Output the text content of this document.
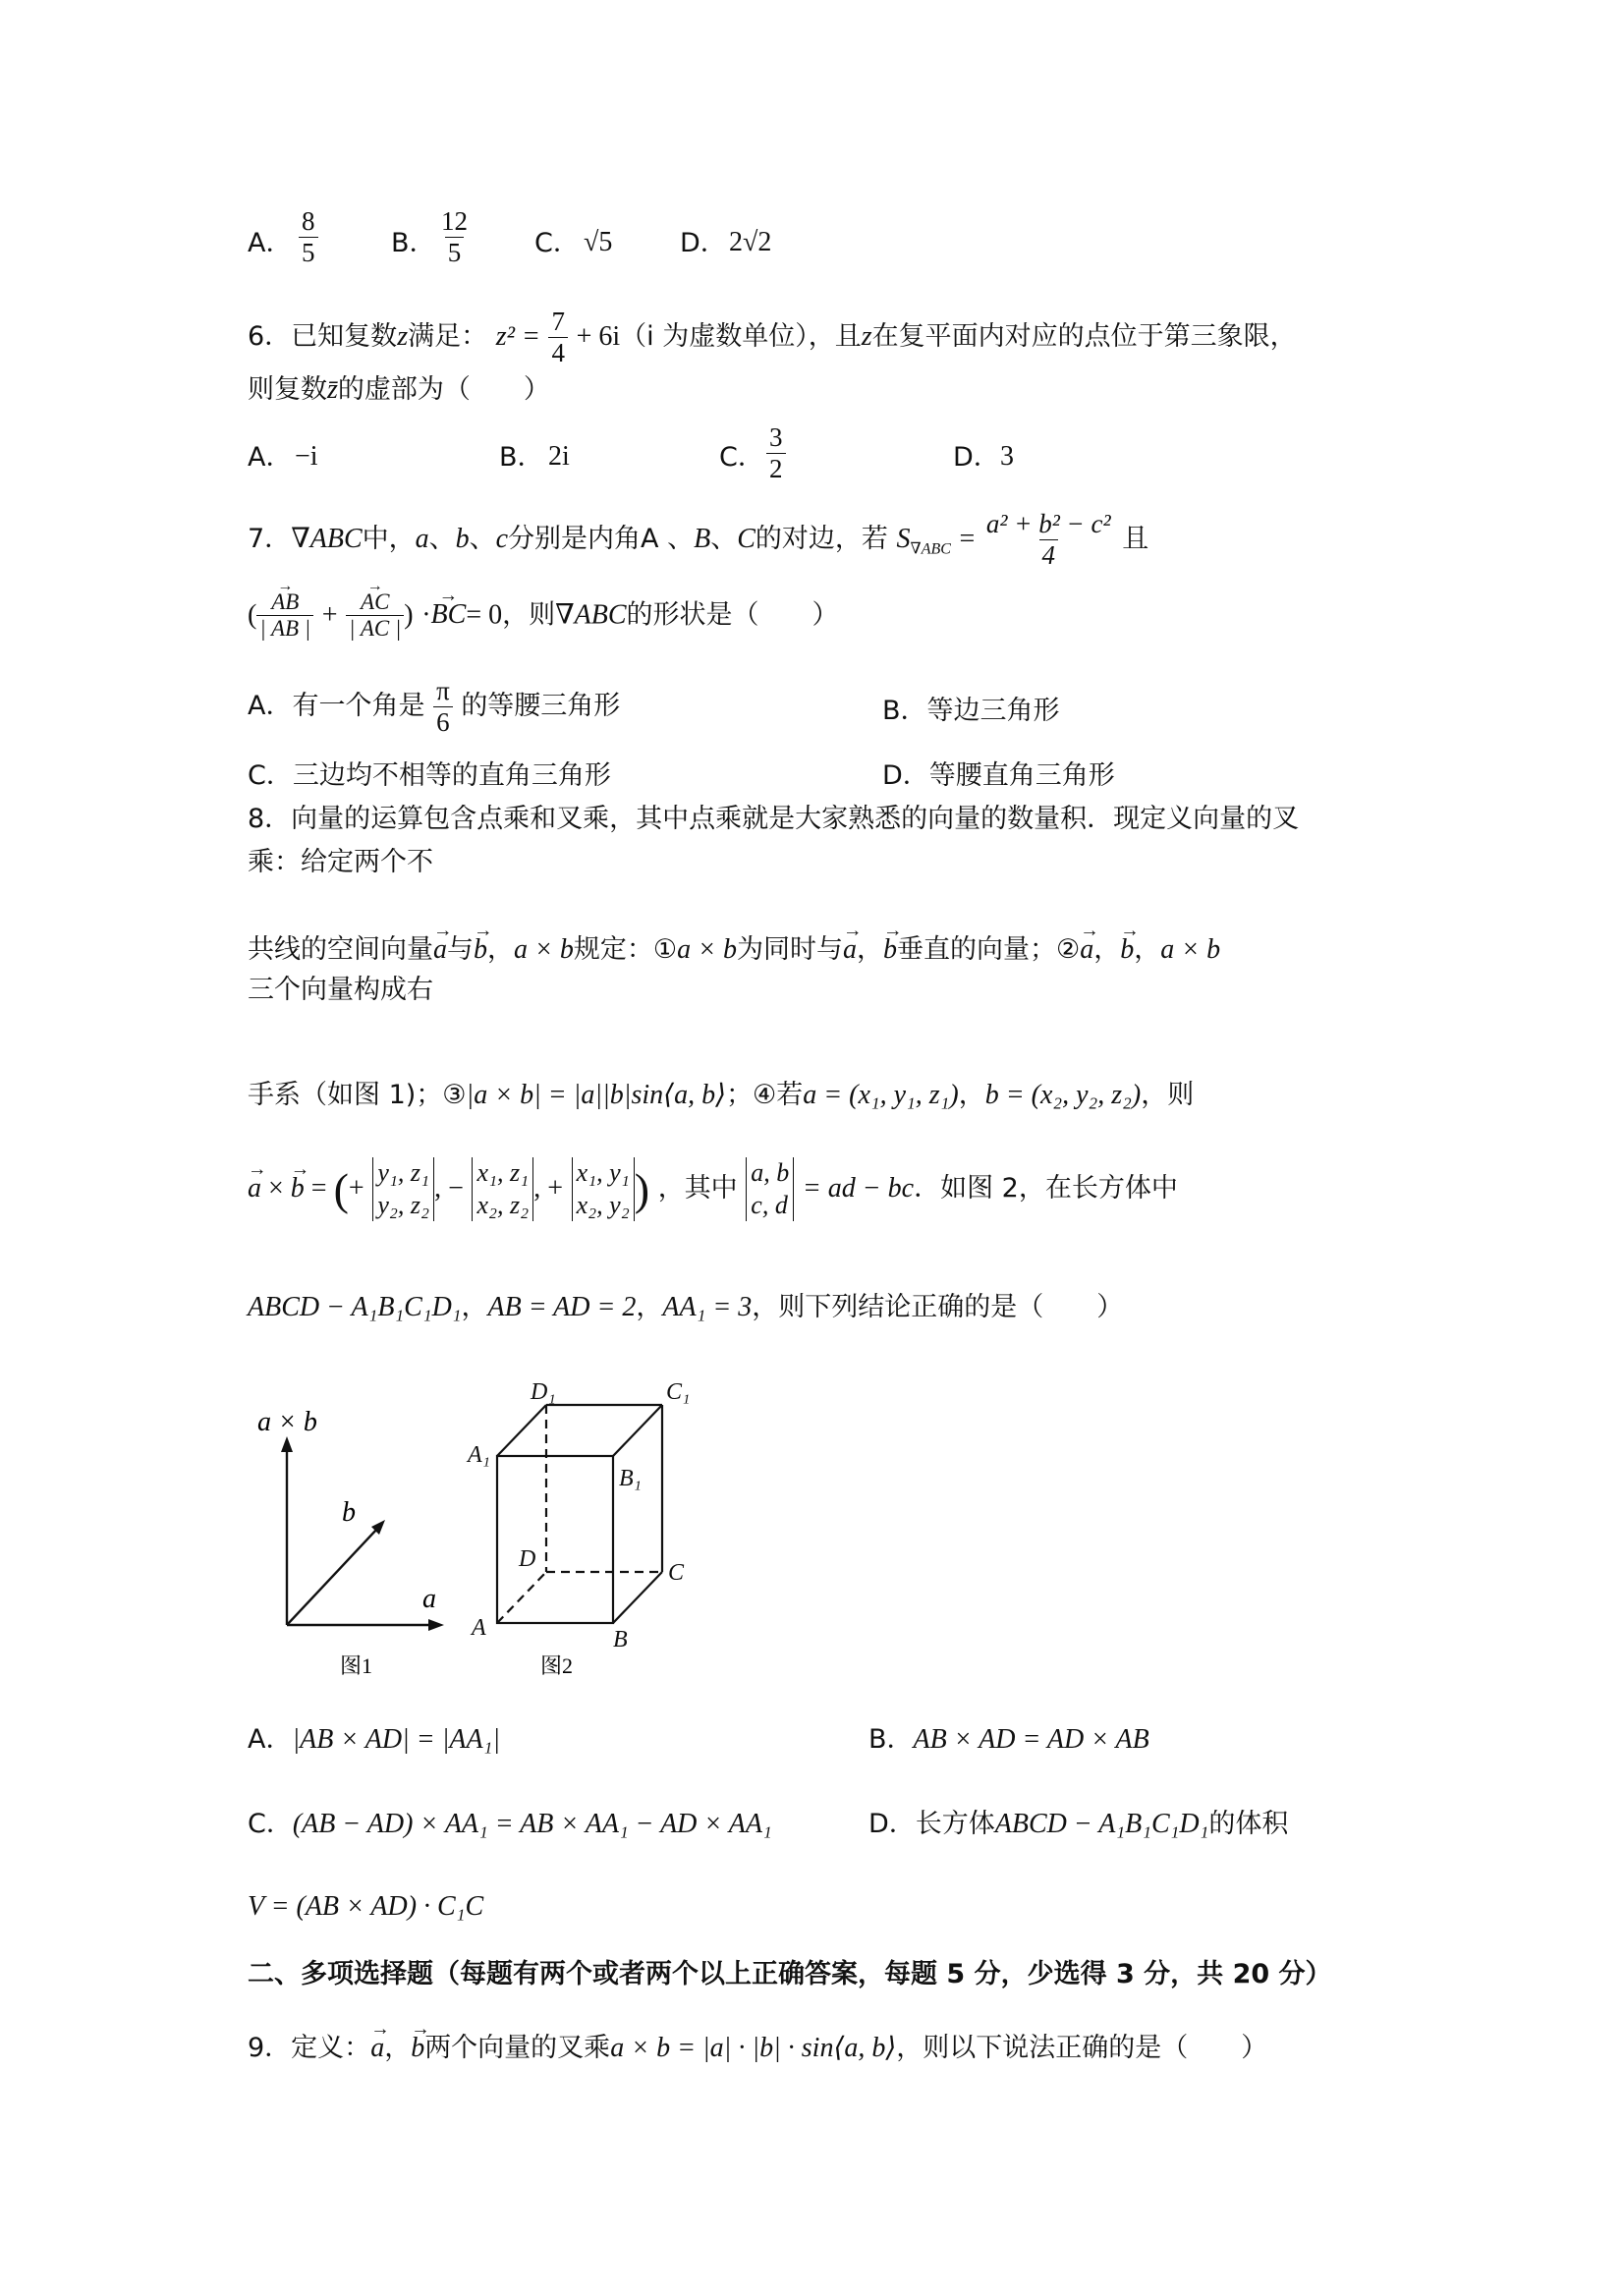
A． $\frac{8}{5}$	B． $\frac{12}{5}$ C． √5	D． 2√2
6．已知复数z满足： $z^2 = \frac{7}{4} + 6i(i$ 为虚数单位），且z在复平面内对应的点位于第三象限，
则复数z̄的虚部为（　　）
A． −i	B． 2i	C． $\frac{3}{2}$	D． 3
7．∇ABC中，a、b、c分别是内角A 、B、C的对边，若 $S_{\nabla ABC} = \frac{\text{a² + b² − c²}}{4}$ 且
( → $\frac{AB}{| AB |}$ + → $\frac{AC}{| AC |}$ ) ·→ BC= 0，则∇ABC的形状是（　　）
A．有一个角是 $\frac{\pi}{6}$ 的等腰三角形	B．等边三角形
C．三边均不相等的直角三角形	D．等腰直角三角形
8．向量的运算包含点乘和叉乘，其中点乘就是大家熟悉的向量的数量积．现定义向量的叉
乘：给定两个不
共线的空间向量→ a与→ b，a × b规定：①a × b为同时与→ a，→ b垂直的向量；②→ a，→ b，a × b
三个向量构成右
手系（如图 1)；③|a × b| = |a||b|sin⟨a, b⟩；④若a = (x₁, y₁, z₁)，b = (x₂, y₂, z₂)，则
→ a × → b = (+
y₁, z₁
y₂, z₂
, −
x₁, z₁
x₂, z₂
, +
x₁, y₁
x₂, y₂ ) ，其中
a, b
c, d
= ad − bc．如图 2，在长方体中
ABCD − A₁B₁C₁D₁，AB = AD = 2，AA₁ = 3，则下列结论正确的是（　　）
a × b
b
a
图1
D₁	C₁
A₁
B₁
D
C
A	B
图2
A．|AB × AD| = |AA₁|	B．AB × AD = AD × AB
C．(AB − AD) × AA₁ = AB × AA₁ − AD × AA₁	D．长方体ABCD − A₁B₁C₁D₁的体积
V = (AB × AD) · C₁C
二、多项选择题（每题有两个或者两个以上正确答案，每题 5 分，少选得 3 分，共 20 分）
9．定义：→ a，→ b两个向量的叉乘a × b = |a| · |b| · sin⟨a, b⟩，则以下说法正确的是（　　）
